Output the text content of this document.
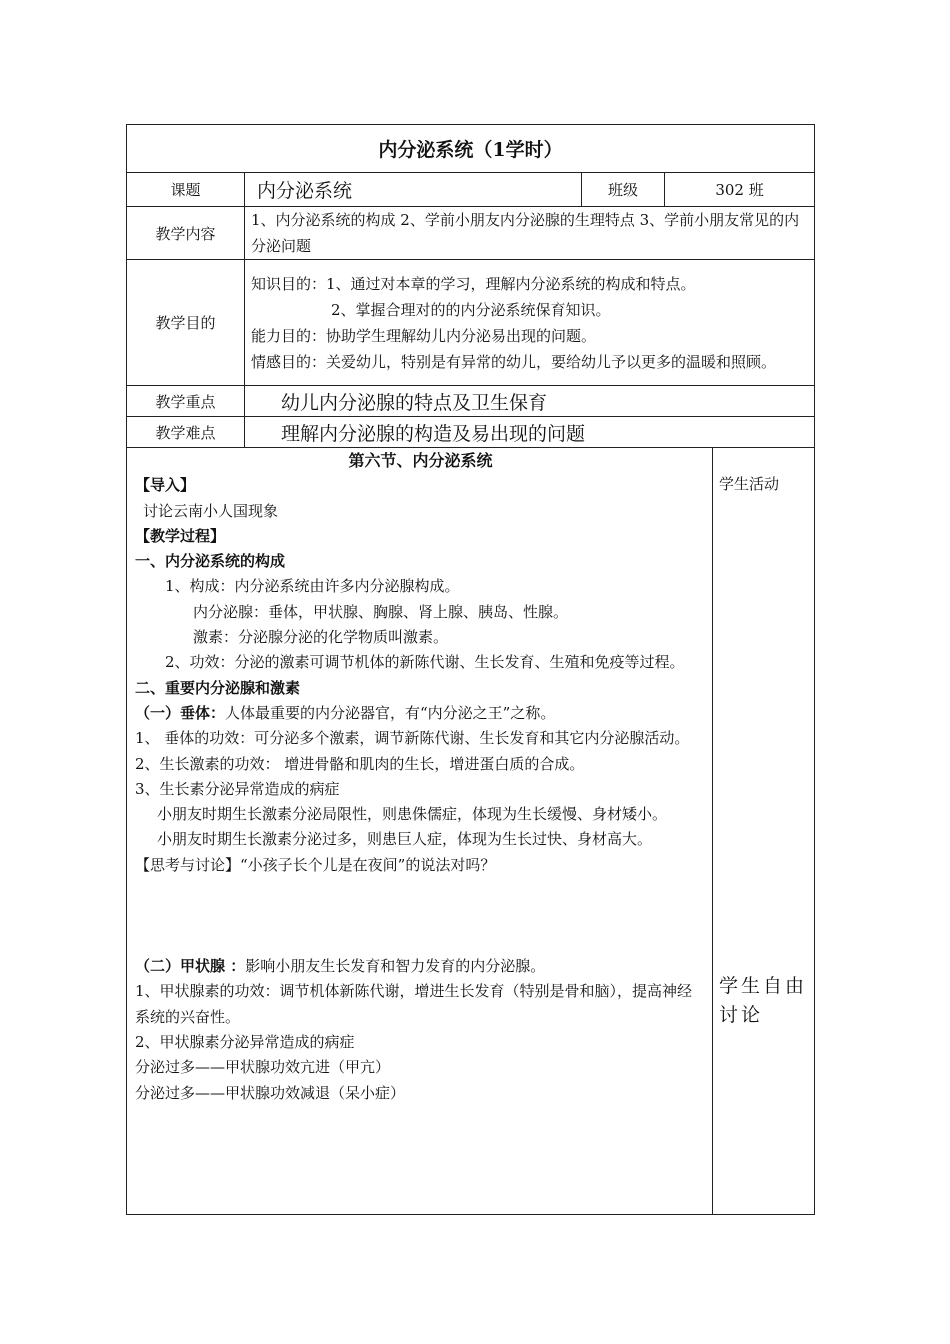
内分泌系统（1学时）			
课题	内分泌系统	班级	302 班
教学内容	1、内分泌系统的构成 2、学前小朋友内分泌腺的生理特点 3、学前小朋友常见的内分泌问题		
教学目的	知识目的：1、通过对本章的学习，理解内分泌系统的构成和特点。
2、掌握合理对的的内分泌系统保育知识。
能力目的：协助学生理解幼儿内分泌易出现的问题。
情感目的：关爱幼儿，特别是有异常的幼儿，要给幼儿予以更多的温暖和照顾。		

教学重点	幼儿内分泌腺的特点及卫生保育		
教学难点	理解内分泌腺的构造及易出现的问题		
第六节、内分泌系统
【导入】
讨论云南小人国现象
【教学过程】
一、内分泌系统的构成
1、构成：内分泌系统由许多内分泌腺构成。
内分泌腺：垂体，甲状腺、胸腺、肾上腺、胰岛、性腺。
激素：分泌腺分泌的化学物质叫激素。
2、功效：分泌的激素可调节机体的新陈代谢、生长发育、生殖和免疫等过程。
二、重要内分泌腺和激素
（一）垂体：人体最重要的内分泌器官，有“内分泌之王”之称。
1、 垂体的功效：可分泌多个激素，调节新陈代谢、生长发育和其它内分泌腺活动。
2、生长激素的功效： 增进骨骼和肌肉的生长，增进蛋白质的合成。
3、生长素分泌异常造成的病症
小朋友时期生长激素分泌局限性，则患侏儒症，体现为生长缓慢、身材矮小。
小朋友时期生长激素分泌过多，则患巨人症，体现为生长过快、身材高大。
【思考与讨论】“小孩子长个儿是在夜间”的说法对吗？
（二）甲状腺 ：影响小朋友生长发育和智力发育的内分泌腺。
1、甲状腺素的功效：调节机体新陈代谢，增进生长发育（特别是骨和脑），提高神经系统的兴奋性。
2、甲状腺素分泌异常造成的病症
分泌过多——甲状腺功效亢进（甲亢）
分泌过多——甲状腺功效减退（呆小症）

学生活动
学生自由讨论
